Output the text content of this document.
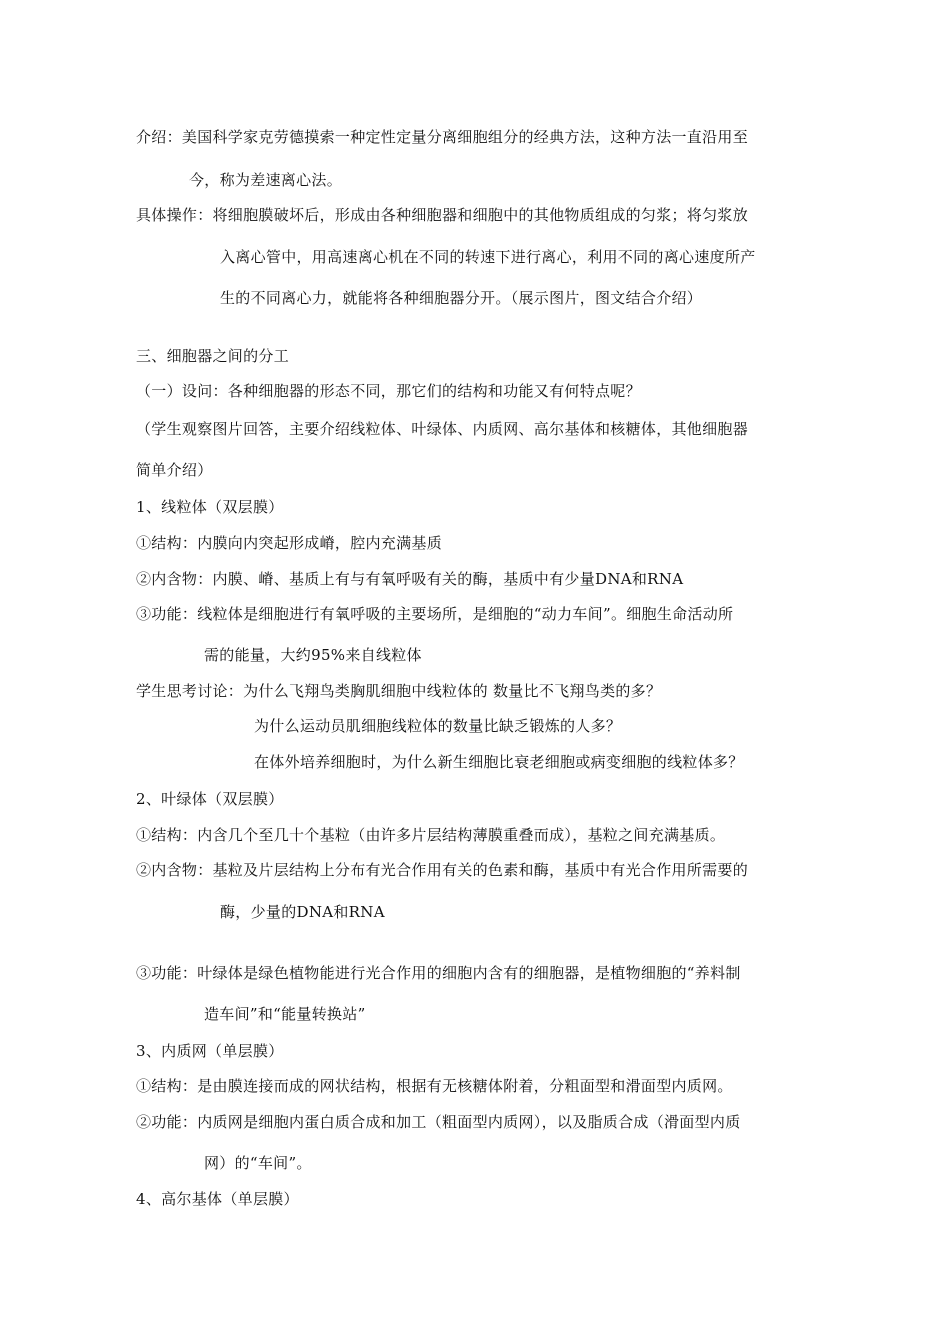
介绍：美国科学家克劳德摸索一种定性定量分离细胞组分的经典方法，这种方法一直沿用至
今，称为差速离心法。
具体操作：将细胞膜破坏后，形成由各种细胞器和细胞中的其他物质组成的匀浆；将匀浆放
入离心管中，用高速离心机在不同的转速下进行离心，利用不同的离心速度所产
生的不同离心力，就能将各种细胞器分开。（展示图片，图文结合介绍）
三、细胞器之间的分工
（一）设问：各种细胞器的形态不同，那它们的结构和功能又有何特点呢？
（学生观察图片回答，主要介绍线粒体、叶绿体、内质网、高尔基体和核糖体，其他细胞器
简单介绍）
1、线粒体（双层膜）
①结构：内膜向内突起形成嵴，腔内充满基质
②内含物：内膜、嵴、基质上有与有氧呼吸有关的酶，基质中有少量DNA和RNA
③功能：线粒体是细胞进行有氧呼吸的主要场所，是细胞的“动力车间”。细胞生命活动所
需的能量，大约95%来自线粒体
学生思考讨论：为什么飞翔鸟类胸肌细胞中线粒体的 数量比不飞翔鸟类的多？
为什么运动员肌细胞线粒体的数量比缺乏锻炼的人多？
在体外培养细胞时，为什么新生细胞比衰老细胞或病变细胞的线粒体多？
2、叶绿体（双层膜）
①结构：内含几个至几十个基粒（由许多片层结构薄膜重叠而成），基粒之间充满基质。
②内含物：基粒及片层结构上分布有光合作用有关的色素和酶，基质中有光合作用所需要的
酶，少量的DNA和RNA
③功能：叶绿体是绿色植物能进行光合作用的细胞内含有的细胞器，是植物细胞的“养料制
造车间”和“能量转换站”
3、内质网（单层膜）
①结构：是由膜连接而成的网状结构，根据有无核糖体附着，分粗面型和滑面型内质网。
②功能：内质网是细胞内蛋白质合成和加工（粗面型内质网），以及脂质合成（滑面型内质
网）的“车间”。
4、高尔基体（单层膜）
